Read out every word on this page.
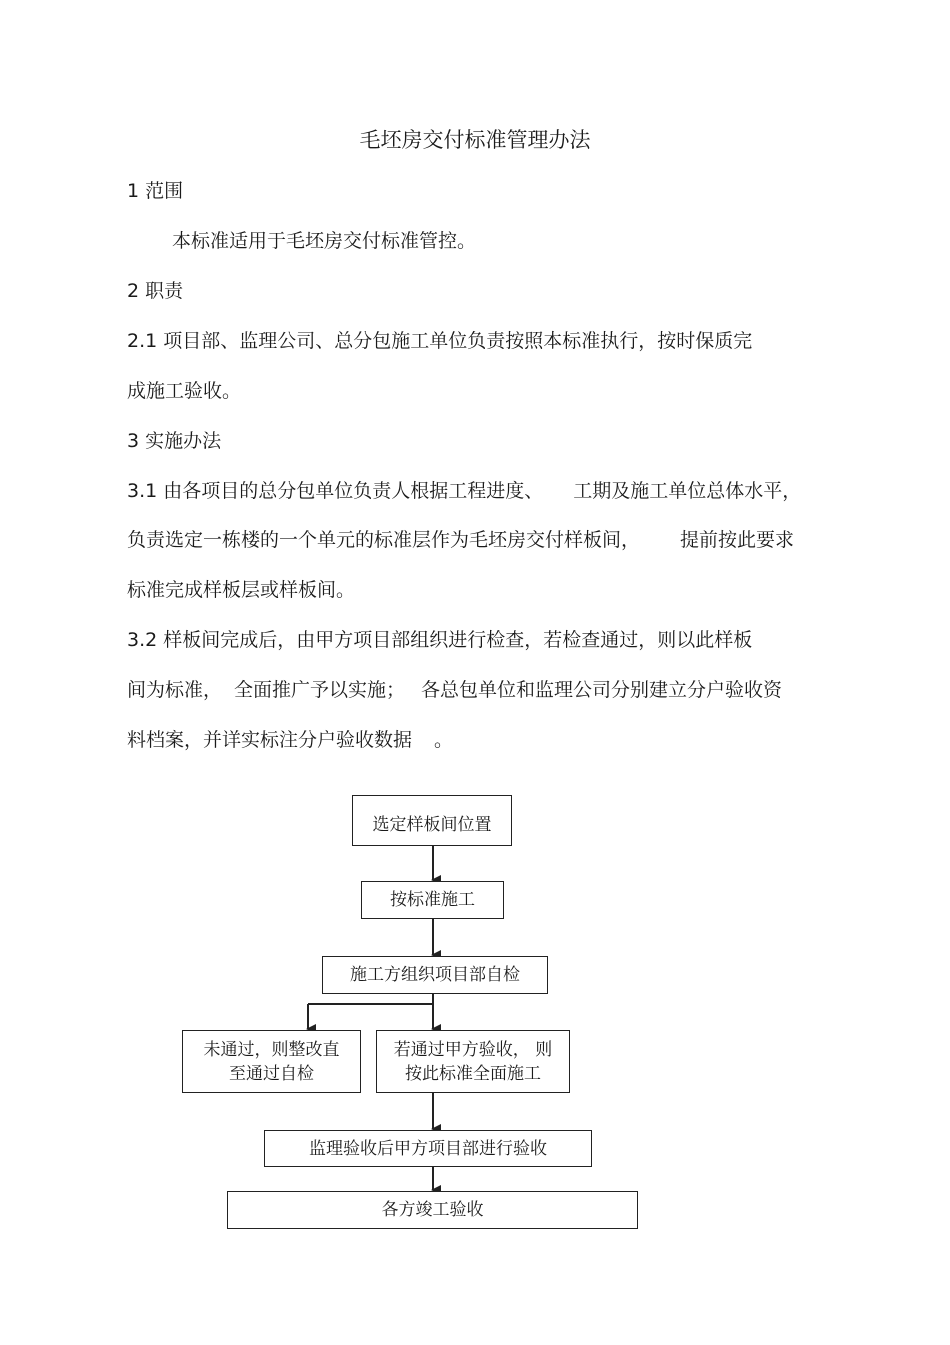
毛坯房交付标准管理办法
1 范围
本标准适用于毛坯房交付标准管控。
2 职责
2.1 项目部、监理公司、总分包施工单位负责按照本标准执行，按时保质完
成施工验收。
3 实施办法
3.1 由各项目的总分包单位负责人根据工程进度、 工期及施工单位总体水平，
负责选定一栋楼的一个单元的标准层作为毛坯房交付样板间， 提前按此要求
标准完成样板层或样板间。
3.2 样板间完成后，由甲方项目部组织进行检查，若检查通过，则以此样板
间为标准， 全面推广予以实施； 各总包单位和监理公司分别建立分户验收资
料档案，并详实标注分户验收数据 。
选定样板间位置
按标准施工
施工方组织项目部自检
未通过，则整改直
至通过自检
若通过甲方验收， 则
按此标准全面施工
监理验收后甲方项目部进行验收
各方竣工验收
